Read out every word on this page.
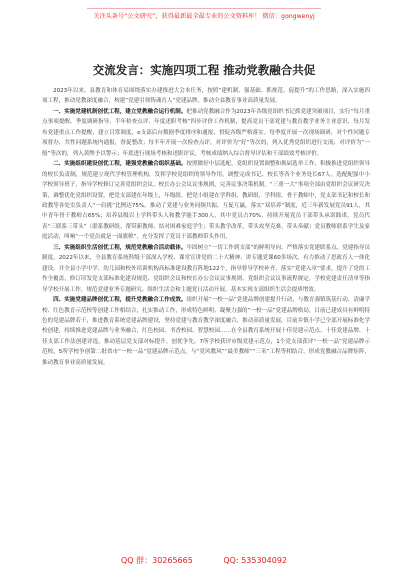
关注头条号“公文研究”，获得最新最全最专业的公文资料库！ 微信：gongwenyj
交流发言：实施四项工程 推动党教融合共促

2023年以来，县教育和体育局围绕落实办建推进大会本任务，按照“建机制、强基础、抓规范、促提升”的工作思路，深入实施四项工程，推动党教深度融合，构建“党建引领铸魂育人”党建品牌，推动全县教育事业高质量发展。

一、实施党建机制创优工程，建立党教融合运行机制。把推动党教融合作为2023年各级党组织书记抓党建突破项目，实行“每月重点事项提醒、季度调研指导、半年检查点评、年度述职考核”四步评价工作机制，提高党员干部党建与教育教学业务主业意识，每月发布党建重点工作提醒，建立目常调度，e支部后台数据季度排序和通报，督促各级严格落实。每季度开展一次现场调研，对个性问题专项督办，共性问题系统内通报，督促整改；每半年开展一次检查点评，对评价为“好”等次的，列入优秀党组织进行交流；对评价为“一般”等次的，列入黄牌予以警示；年底进行现场考核和述职评议，考核成绩纳入综合督导评估和干部绩效考核评价。

二、实施组织建设创优工程，建强党教融合组织基础。按照做好中层选配、党组织设置调整和换届选举工作，积极推进党组织领导的校长负责制，规范建立现代学校管理机构，发挥学校党组织的领导作用，调整完成书记、校长等各个业务处长67人。选配配强中小学校领导班子，指导学校修订完善党组织会议、校长办公会议议事规则，完善议事决策机制，“三重一大”事项全部由党组织会议研究决策，调整优化党组织设置，把党支部建在年级上，年级组，把党小组建在学科组，教研组，学科组。骨干教师中，党支部书记和校长和政教等各处室负责人“一肩挑”比例达75%。推动了党建与业务同频共振、互促互赢，落实“双培养”制度，近三年新发展党员91人，其中青年骨干教师占65%；培养县级以上学科带头人和教学能手300人，其中党员占70%，持续开展党员干部带头承诺践诺，党员代表“三联系三带头”（联系教研组、帮带新教师、结对困难家庭学生；带头教学改革，带头攻坚克难，带头奉献）党员教师联系学生及家庭活动，叫响“一个党员就是一面旗帜”，充分发挥了党员干部教师带头作用。

三、实施组织生活创优工程，规范党教融合活动载体。牢固树立“一切工作到支部”的鲜明导向，严格落实党建联系点、党建指导员制度。2022年以来，全县教育系统科级干部深入学校、课堂宣讲党的二十大精神、讲专题党课60多场次，有力推动了思政育人一体化建设。并全县小学中学、幼儿园和校外培训机构高标准建设教育阵地122个，指导督导学校补齐、落实“党建入章”要求，提升了党的工作全覆盖，修订印发党支部标准化建设规范、党组织会议和校长办公会议议事规则、党组织会议议事流程规定，学校党建责任清单等指导学校开展工作，规范党建业务专题研究、组织生活会和主题党日活动开展，基本实现支部组织生活会提质增效。

四、实施党建品牌创优工程，提升党教融合工作成效。组织开展“一校一品”党建品牌创建提升行动，与教育强镇筑基行动、清廉学校、红色教育示范校等创建工作相结合，扎实推动工作，形成特色鲜明、凝聚力强的“一校一品”党建品牌格局。目前已建成具有鲜明特色的党建品牌若干，推进教育系统党建品牌建设，坚持党建与教育教学深度融合，推动高质量发展，目前乡镇小学已全部开展标准化学校创建，持续推进党建品牌与业务融合，红色校园、书香校园、智慧校园……在全县教育系统开展十佳党建示范点、十佳党建品牌、十佳支部工作法创建评选，推动基层党支部对标提升、创优争先。7所学校获评市级党建示范点，1个党支部获评“一校一品”党建品牌示范校，5所学校争创第二批省市“一校一品”党建品牌示范点，与“党风教风”“最美教师”“三名”工程等相结合，形成党教融合品牌矩阵，推动教育事业高质量发展。

QQ 群：30265665	QQ: 535304092
